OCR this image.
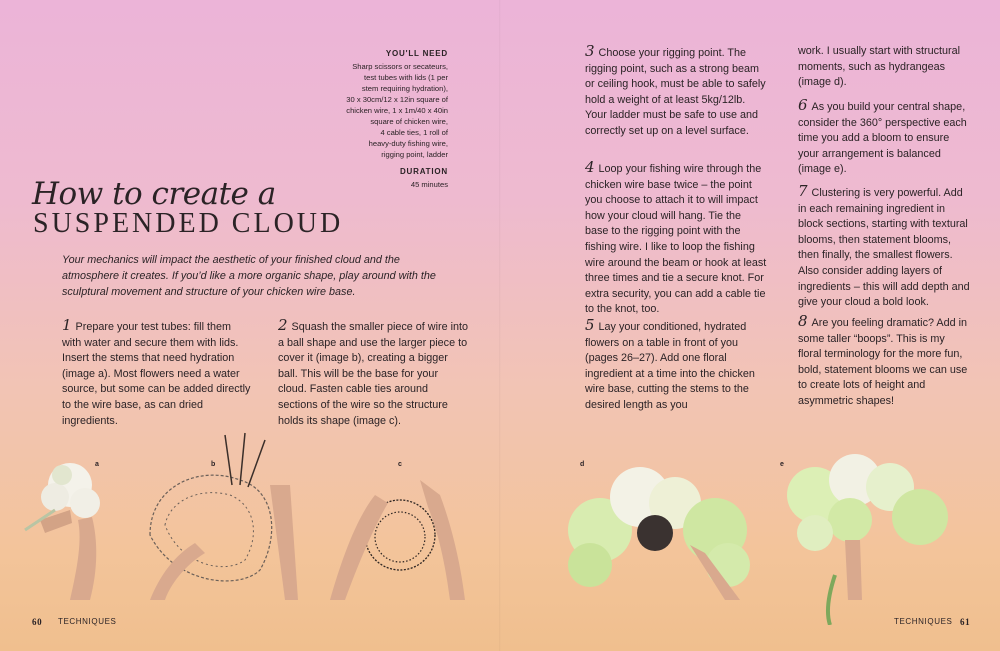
YOU'LL NEED
Sharp scissors or secateurs,
test tubes with lids (1 per
stem requiring hydration),
30 x 30cm/12 x 12in square of
chicken wire, 1 x 1m/40 x 40in
square of chicken wire,
4 cable ties, 1 roll of
heavy-duty fishing wire,
rigging point, ladder
DURATION
45 minutes
How to create a
SUSPENDED CLOUD
Your mechanics will impact the aesthetic of your finished cloud and the atmosphere it creates. If you’d like a more organic shape, play around with the sculptural movement and structure of your chicken wire base.
1 Prepare your test tubes: fill them with water and secure them with lids. Insert the stems that need hydration (image a). Most flowers need a water source, but some can be added directly to the wire base, as can dried ingredients.
2 Squash the smaller piece of wire into a ball shape and use the larger piece to cover it (image b), creating a bigger ball. This will be the base for your cloud. Fasten cable ties around sections of the wire so the structure holds its shape (image c).
3 Choose your rigging point. The rigging point, such as a strong beam or ceiling hook, must be able to safely hold a weight of at least 5kg/12lb. Your ladder must be safe to use and correctly set up on a level surface.
4 Loop your fishing wire through the chicken wire base twice – the point you choose to attach it to will impact how your cloud will hang. Tie the base to the rigging point with the fishing wire. I like to loop the fishing wire around the beam or hook at least three times and tie a secure knot. For extra security, you can add a cable tie to the knot, too.
5 Lay your conditioned, hydrated flowers on a table in front of you (pages 26–27). Add one floral ingredient at a time into the chicken wire base, cutting the stems to the desired length as you
work. I usually start with structural moments, such as hydrangeas (image d).
6 As you build your central shape, consider the 360° perspective each time you add a bloom to ensure your arrangement is balanced (image e).
7 Clustering is very powerful. Add in each remaining ingredient in block sections, starting with textural blooms, then statement blooms, then finally, the smallest flowers. Also consider adding layers of ingredients – this will add depth and give your cloud a bold look.
8 Are you feeling dramatic? Add in some taller “boops”. This is my floral terminology for the more fun, bold, statement blooms we can use to create lots of height and asymmetric shapes!
a	b	c	d	e
60 TECHNIQUES	TECHNIQUES 61
